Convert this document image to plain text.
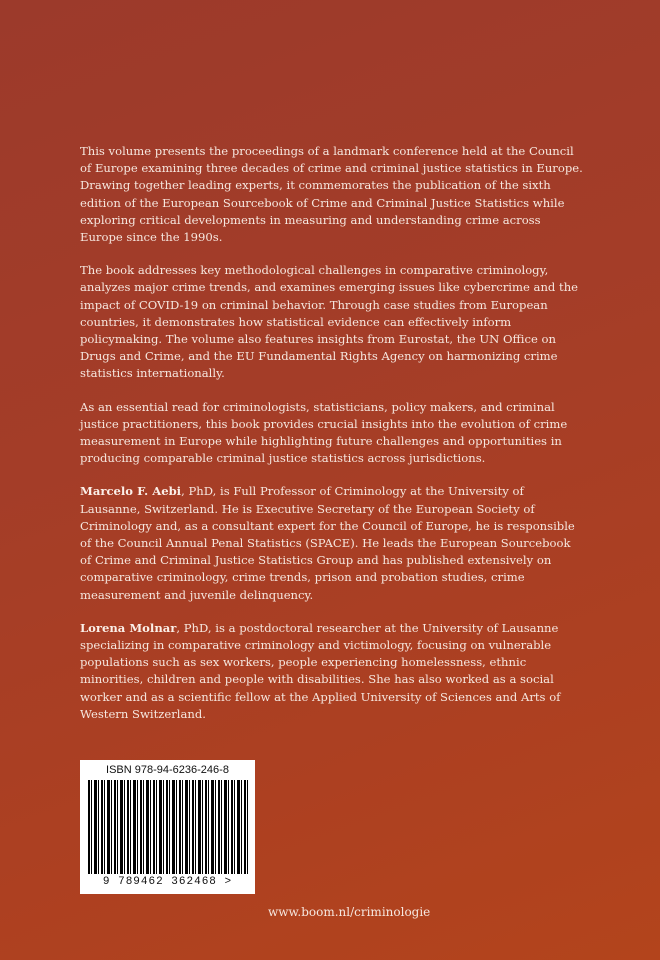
This volume presents the proceedings of a landmark conference held at the Council of Europe examining three decades of crime and criminal justice statistics in Europe. Drawing together leading experts, it commemorates the publication of the sixth edition of the European Sourcebook of Crime and Criminal Justice Statistics while exploring critical developments in measuring and understanding crime across Europe since the 1990s.

The book addresses key methodological challenges in comparative criminology, analyzes major crime trends, and examines emerging issues like cybercrime and the impact of COVID-19 on criminal behavior. Through case studies from European countries, it demonstrates how statistical evidence can effectively inform policymaking. The volume also features insights from Eurostat, the UN Office on Drugs and Crime, and the EU Fundamental Rights Agency on harmonizing crime statistics internationally.

As an essential read for criminologists, statisticians, policy makers, and criminal justice practitioners, this book provides crucial insights into the evolution of crime measurement in Europe while highlighting future challenges and opportunities in producing comparable criminal justice statistics across jurisdictions.

Marcelo F. Aebi, PhD, is Full Professor of Criminology at the University of Lausanne, Switzerland. He is Executive Secretary of the European Society of Criminology and, as a consultant expert for the Council of Europe, he is responsible of the Council Annual Penal Statistics (SPACE). He leads the European Sourcebook of Crime and Criminal Justice Statistics Group and has published extensively on comparative criminology, crime trends, prison and probation studies, crime measurement and juvenile delinquency.

Lorena Molnar, PhD, is a postdoctoral researcher at the University of Lausanne specializing in comparative criminology and victimology, focusing on vulnerable populations such as sex workers, people experiencing homelessness, ethnic minorities, children and people with disabilities. She has also worked as a social worker and as a scientific fellow at the Applied University of Sciences and Arts of Western Switzerland.

ISBN 978-94-6236-246-8
9 789462 362468 >
www.boom.nl/criminologie
